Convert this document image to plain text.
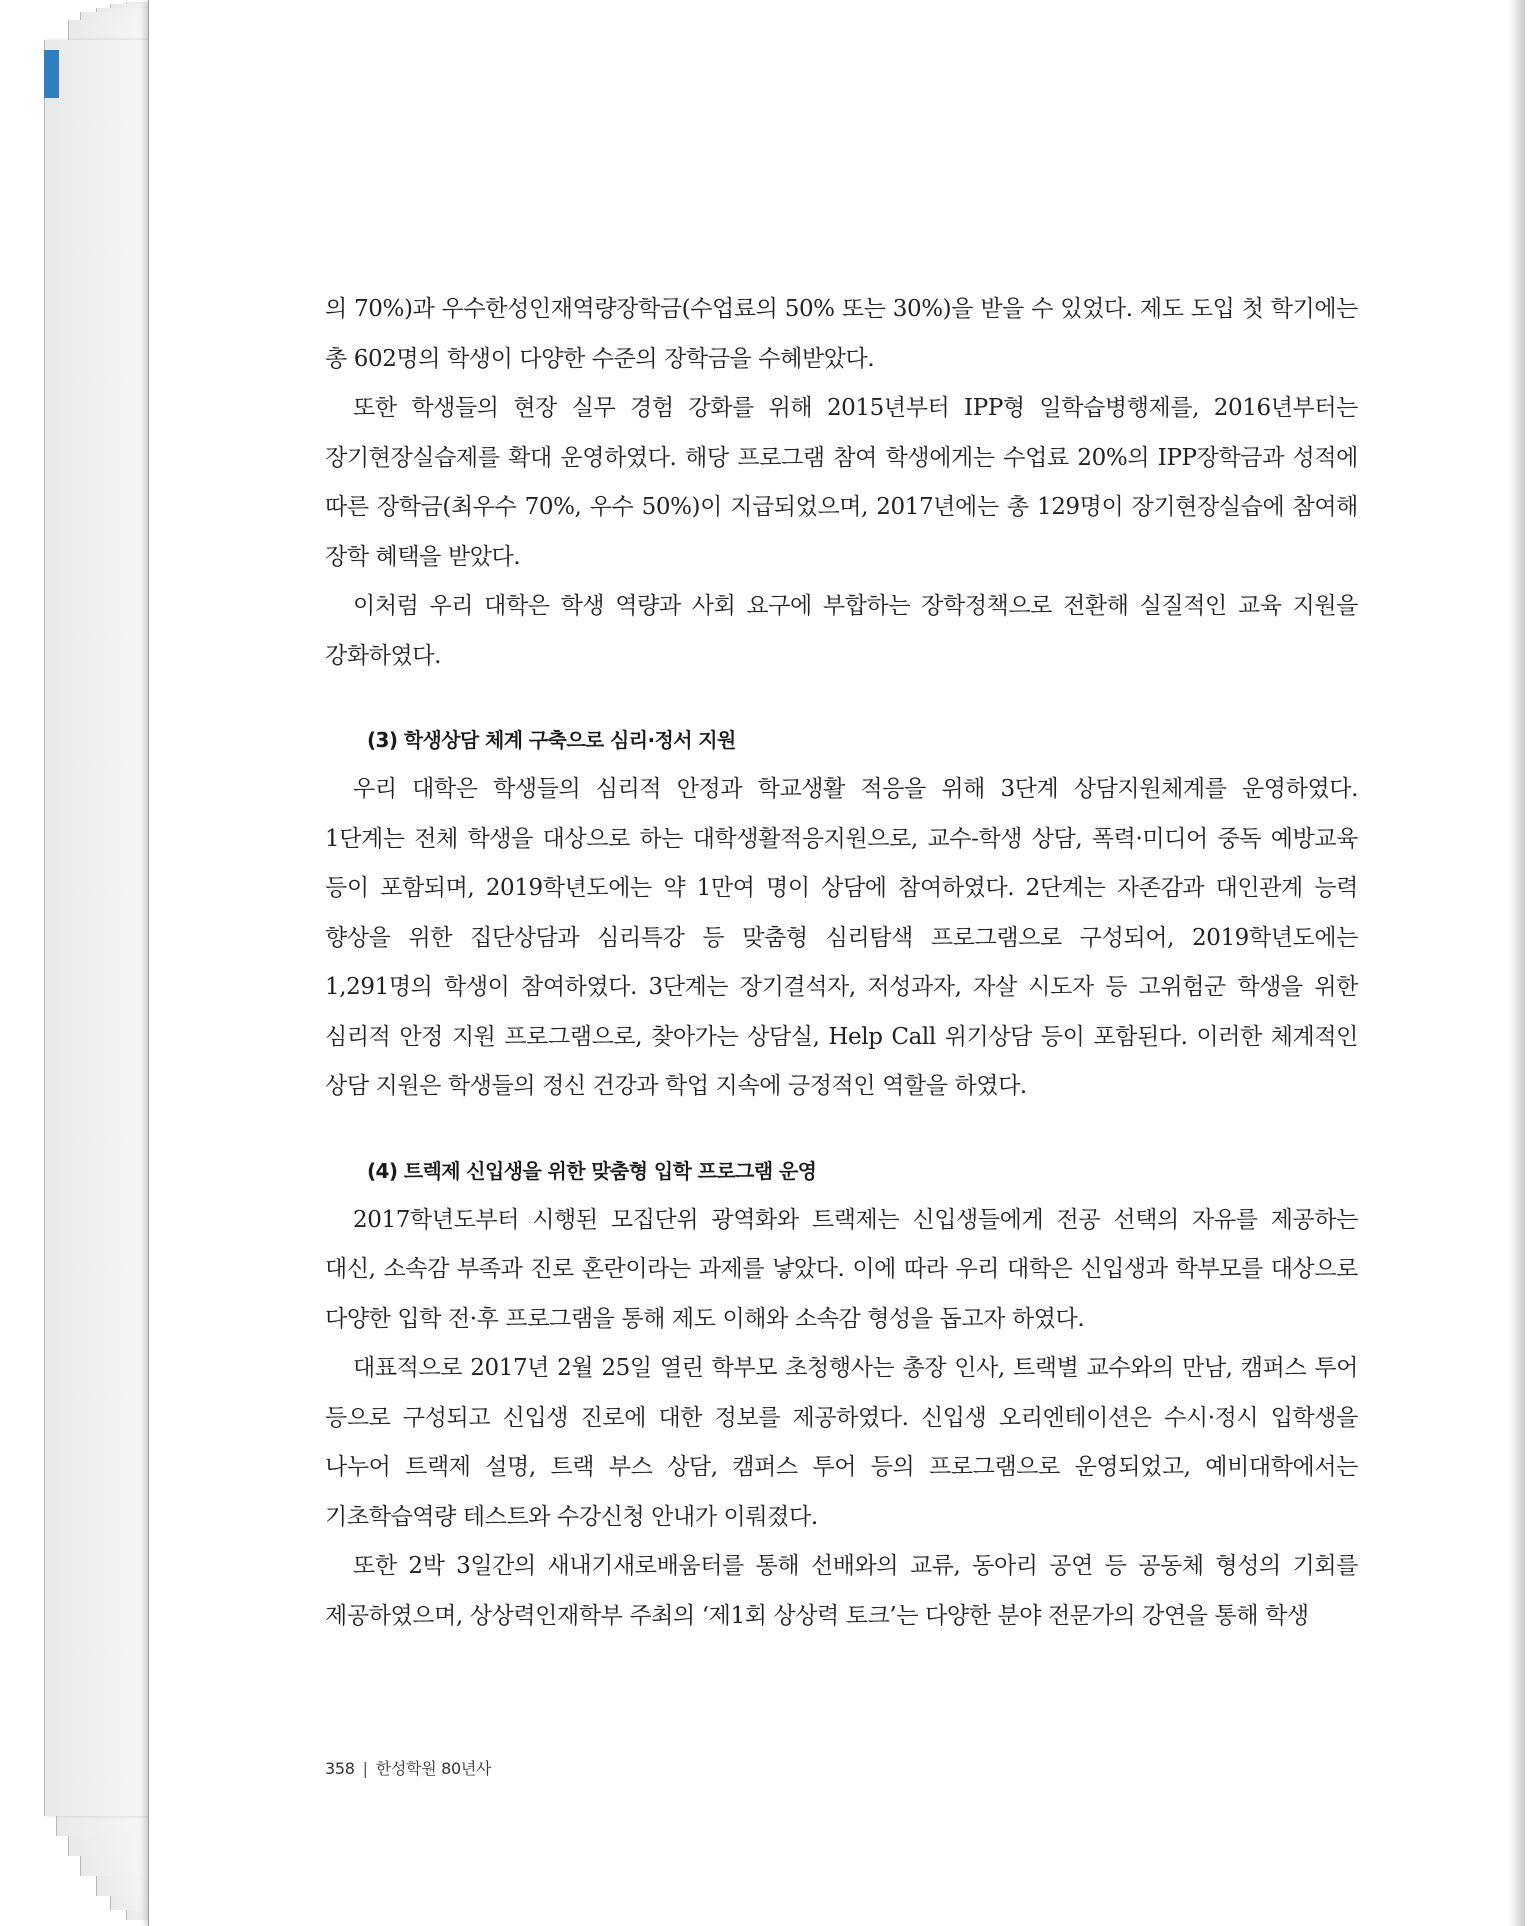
의 70%)과 우수한성인재역량장학금(수업료의 50% 또는 30%)을 받을 수 있었다. 제도 도입 첫 학기에는 총 602명의 학생이 다양한 수준의 장학금을 수혜받았다.

또한 학생들의 현장 실무 경험 강화를 위해 2015년부터 IPP형 일학습병행제를, 2016년부터는 장기현장실습제를 확대 운영하였다. 해당 프로그램 참여 학생에게는 수업료 20%의 IPP장학금과 성적에 따른 장학금(최우수 70%, 우수 50%)이 지급되었으며, 2017년에는 총 129명이 장기현장실습에 참여해 장학 혜택을 받았다.

이처럼 우리 대학은 학생 역량과 사회 요구에 부합하는 장학정책으로 전환해 실질적인 교육 지원을 강화하였다.

(3) 학생상담 체계 구축으로 심리·정서 지원

우리 대학은 학생들의 심리적 안정과 학교생활 적응을 위해 3단계 상담지원체계를 운영하였다. 1단계는 전체 학생을 대상으로 하는 대학생활적응지원으로, 교수-학생 상담, 폭력·미디어 중독 예방교육 등이 포함되며, 2019학년도에는 약 1만여 명이 상담에 참여하였다. 2단계는 자존감과 대인관계 능력 향상을 위한 집단상담과 심리특강 등 맞춤형 심리탐색 프로그램으로 구성되어, 2019학년도에는 1,291명의 학생이 참여하였다. 3단계는 장기결석자, 저성과자, 자살 시도자 등 고위험군 학생을 위한 심리적 안정 지원 프로그램으로, 찾아가는 상담실, Help Call 위기상담 등이 포함된다. 이러한 체계적인 상담 지원은 학생들의 정신 건강과 학업 지속에 긍정적인 역할을 하였다.

(4) 트렉제 신입생을 위한 맞춤형 입학 프로그램 운영

2017학년도부터 시행된 모집단위 광역화와 트랙제는 신입생들에게 전공 선택의 자유를 제공하는 대신, 소속감 부족과 진로 혼란이라는 과제를 낳았다. 이에 따라 우리 대학은 신입생과 학부모를 대상으로 다양한 입학 전·후 프로그램을 통해 제도 이해와 소속감 형성을 돕고자 하였다.

대표적으로 2017년 2월 25일 열린 학부모 초청행사는 총장 인사, 트랙별 교수와의 만남, 캠퍼스 투어 등으로 구성되고 신입생 진로에 대한 정보를 제공하였다. 신입생 오리엔테이션은 수시·정시 입학생을 나누어 트랙제 설명, 트랙 부스 상담, 캠퍼스 투어 등의 프로그램으로 운영되었고, 예비대학에서는 기초학습역량 테스트와 수강신청 안내가 이뤄졌다.

또한 2박 3일간의 새내기새로배움터를 통해 선배와의 교류, 동아리 공연 등 공동체 형성의 기회를 제공하였으며, 상상력인재학부 주최의 ‘제1회 상상력 토크’는 다양한 분야 전문가의 강연을 통해 학생

358 | 한성학원 80년사
